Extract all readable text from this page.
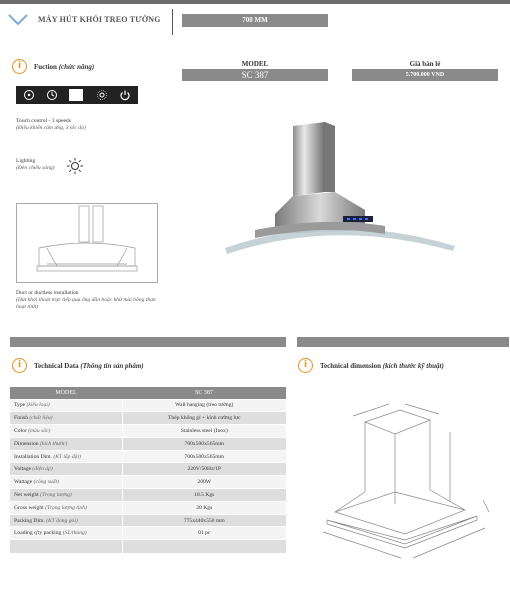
MÁY HÚT KHÓI TREO TƯỜNG	700 MM
i	Fuction (chức năng)
Touch control - 3 speeds
(Điều khiển cảm ứng, 3 tốc độ)
Lighting
(Đèn chiếu sáng)
Duct or ductless installation
(Hút khói thoát trực tiếp qua ống dẫn hoặc khử mùi bằng than hoạt tính)
MODEL
SC 387
Giá bán lẻ
5.700.000 VND
i	Technical Data (Thông tin sản phẩm)
MODEL	SC 387
Type (kiểu loại)	Wall hanging (treo tường)
Finish (chất liệu)	Thép không gỉ + kính cường lực
Color (màu sắc)	Stainless steel (Inox)
Dimension (kích thước)	700x500x565mm
Installation Dim. (KT lắp đặt)	700x500x565mm
Voltage (điện áp)	220V/50Hz/1P
Wattage (công suất)	200W
Net weight (Trọng lượng)	18.5 Kgs
Gross weight (Trọng lượng tịnh)	20 Kgs
Packing Dim. (KT đóng gói)	775x440x550 mm
Loading q'ty packing (SL/thùng)	01 pc

i	Technical dimension (kích thước kỹ thuật)
